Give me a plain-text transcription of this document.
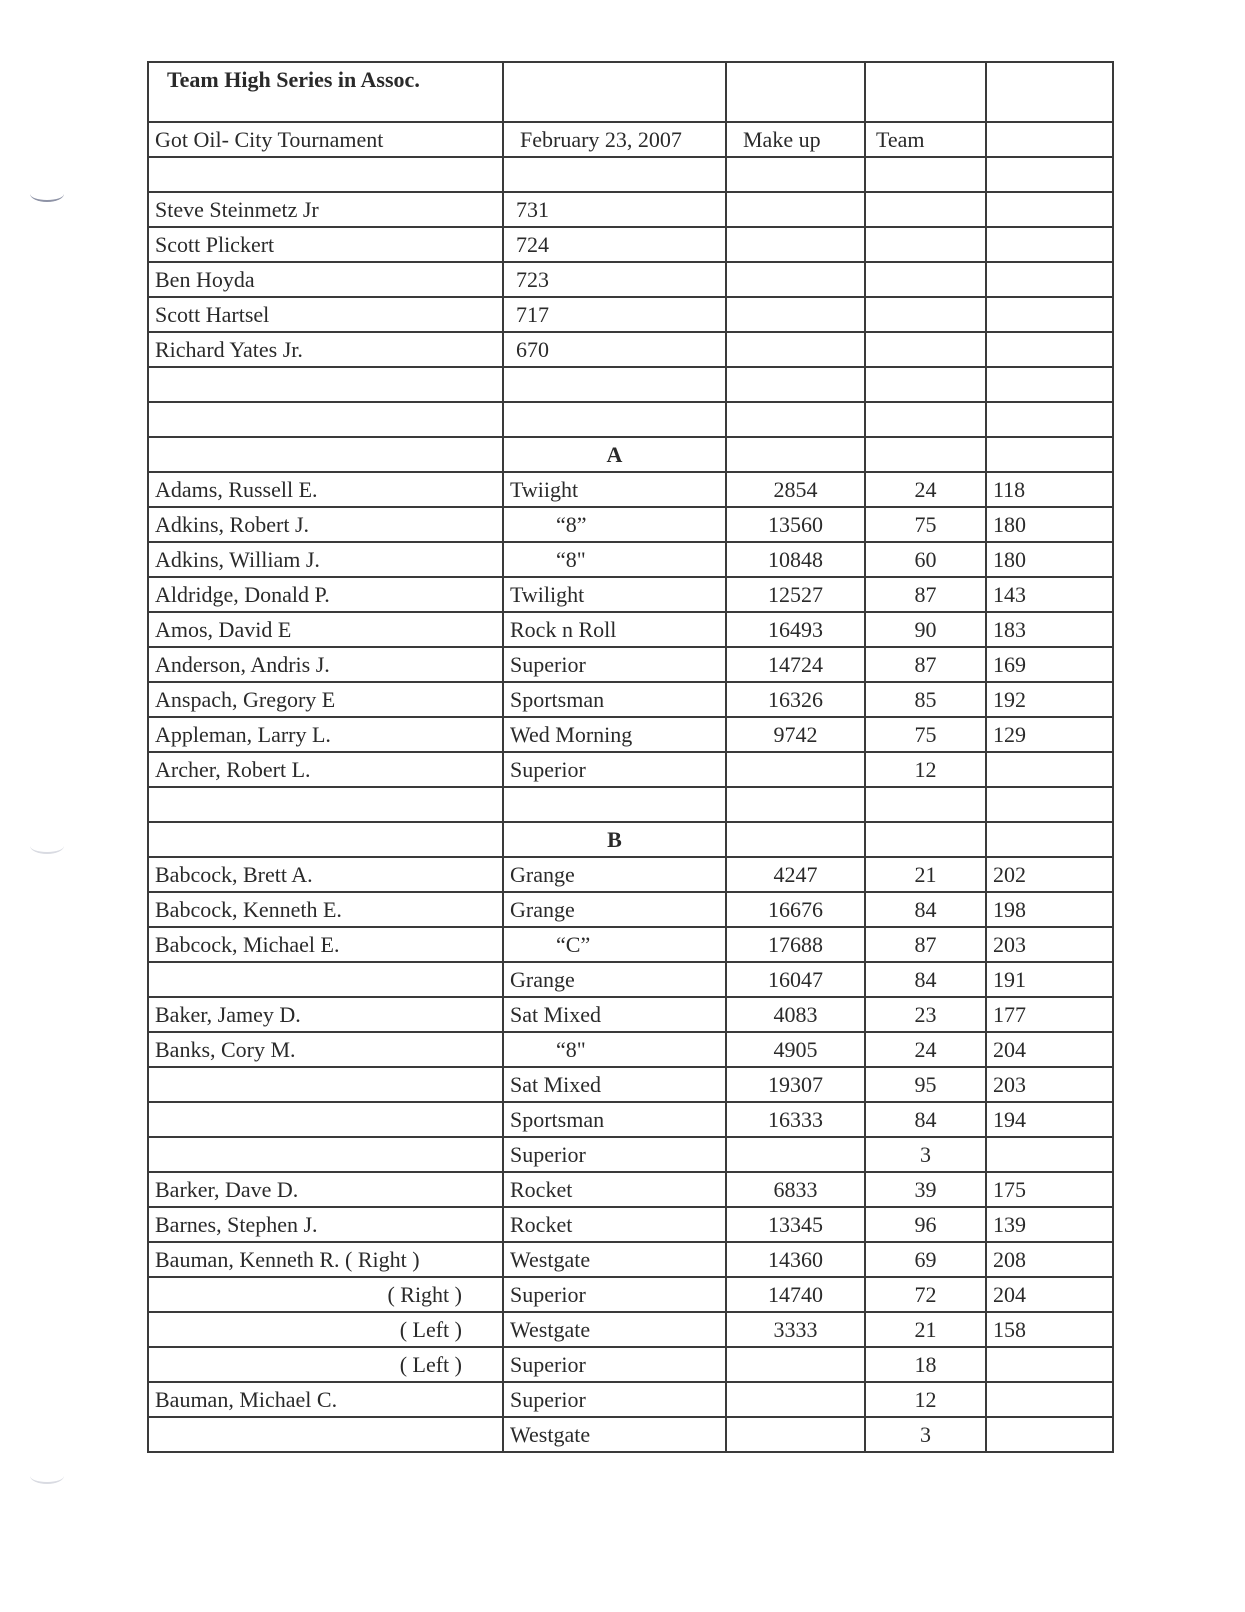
Team High Series in Assoc.				
Got Oil- City Tournament	February 23, 2007	Make up	Team	

Steve Steinmetz Jr	731			
Scott Plickert	724			
Ben Hoyda	723			
Scott Hartsel	717			
Richard Yates Jr.	670			

	A			
Adams, Russell E.	Twiight	2854	24	118
Adkins, Robert J.	“8”	13560	75	180
Adkins, William J.	“8"	10848	60	180
Aldridge, Donald P.	Twilight	12527	87	143
Amos, David E	Rock n Roll	16493	90	183
Anderson, Andris J.	Superior	14724	87	169
Anspach, Gregory E	Sportsman	16326	85	192
Appleman, Larry L.	Wed Morning	9742	75	129
Archer, Robert L.	Superior		12	

	B			
Babcock, Brett A.	Grange	4247	21	202
Babcock, Kenneth E.	Grange	16676	84	198
Babcock, Michael E.	“C”	17688	87	203
	Grange	16047	84	191
Baker, Jamey D.	Sat Mixed	4083	23	177
Banks, Cory M.	“8"	4905	24	204
	Sat Mixed	19307	95	203
	Sportsman	16333	84	194
	Superior		3	
Barker, Dave D.	Rocket	6833	39	175
Barnes, Stephen J.	Rocket	13345	96	139
Bauman, Kenneth R. ( Right )	Westgate	14360	69	208
( Right )	Superior	14740	72	204
( Left )	Westgate	3333	21	158
( Left )	Superior		18	
Bauman, Michael C.	Superior		12	
	Westgate		3	
